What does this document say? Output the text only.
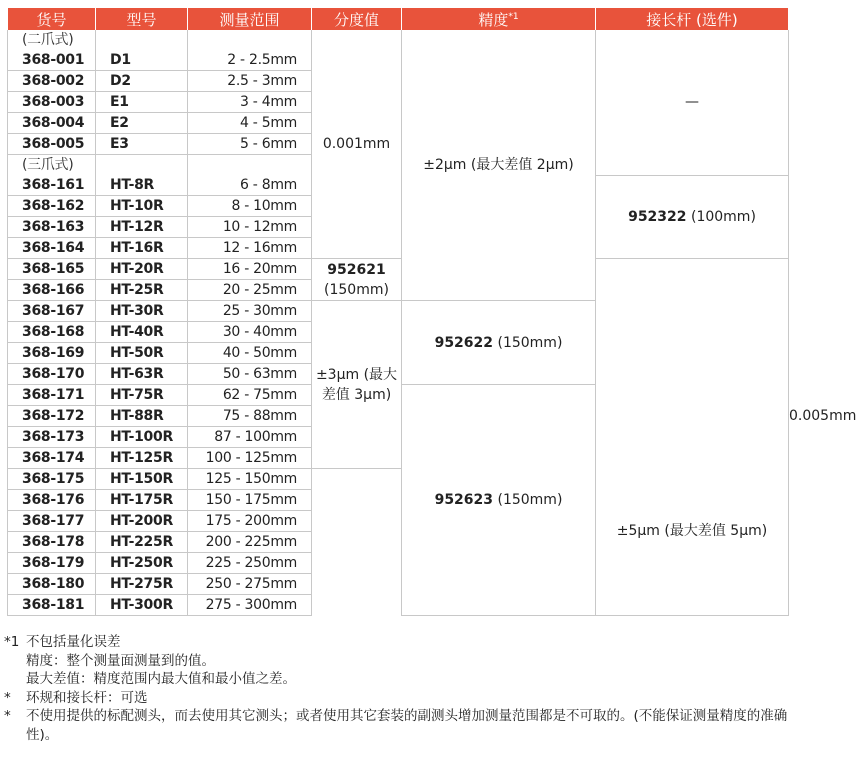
货号	型号	测量范围	分度值	精度$^{*1}$	接长杆 (选件)	
(二爪式)			0.001mm	±2μm (最大差值 2μm)	—	
368-001	D1	2 - 2.5mm				
368-002	D2	2.5 - 3mm				
368-003	E1	3 - 4mm				
368-004	E2	4 - 5mm				
368-005	E3	5 - 6mm				
(三爪式)						
368-161	HT-8R	6 - 8mm			952322 (100mm)	
368-162	HT-10R	8 - 10mm				
368-163	HT-12R	10 - 12mm				
368-164	HT-16R	12 - 16mm				0.005mm
368-165	HT-20R	16 - 20mm	952621 (150mm)			
368-166	HT-25R	20 - 25mm				
368-167	HT-30R	25 - 30mm	±3μm (最大差值 3μm)	952622 (150mm)		
368-168	HT-40R	30 - 40mm				
368-169	HT-50R	40 - 50mm				
368-170	HT-63R	50 - 63mm				
368-171	HT-75R	62 - 75mm		952623 (150mm)		
368-172	HT-88R	75 - 88mm				
368-173	HT-100R	87 - 100mm				
368-174	HT-125R	100 - 125mm			±5μm (最大差值 5μm)	
368-175	HT-150R	125 - 150mm				
368-176	HT-175R	150 - 175mm				
368-177	HT-200R	175 - 200mm				
368-178	HT-225R	200 - 225mm				
368-179	HT-250R	225 - 250mm				
368-180	HT-275R	250 - 275mm				
368-181	HT-300R	275 - 300mm				
*1 不包括量化误差
精度：整个测量面测量到的值。
最大差值：精度范围内最大值和最小值之差。
*	环规和接长杆：可选
*	不使用提供的标配测头，而去使用其它测头；或者使用其它套装的副测头增加测量范围都是不可取的。(不能保证测量精度的准确性)。
